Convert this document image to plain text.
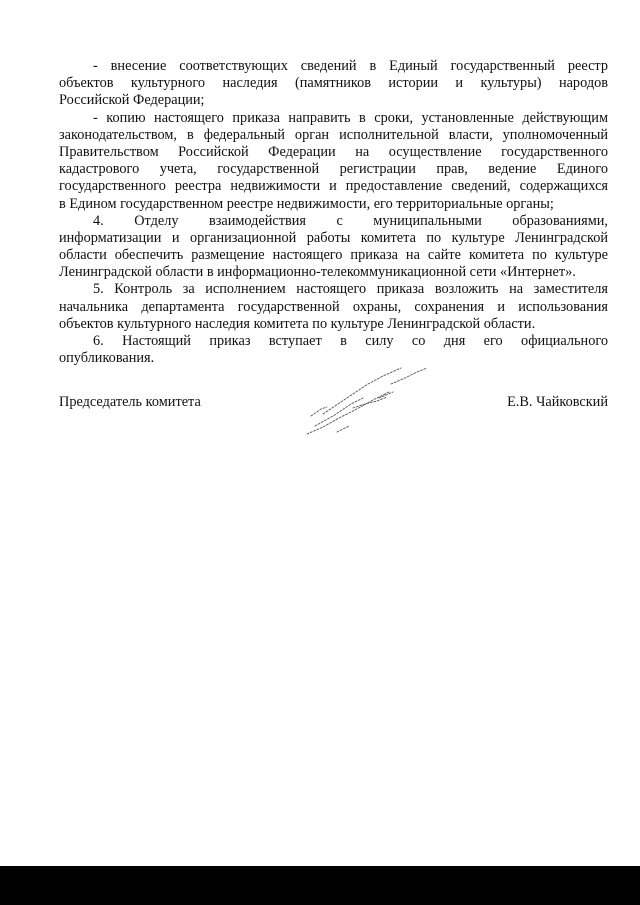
- внесение соответствующих сведений в Единый государственный реестр
объектов культурного наследия (памятников истории и культуры) народов
Российской Федерации;
- копию настоящего приказа направить в сроки, установленные действующим
законодательством, в федеральный орган исполнительной власти, уполномоченный
Правительством Российской Федерации на осуществление государственного
кадастрового учета, государственной регистрации прав, ведение Единого
государственного реестра недвижимости и предоставление сведений, содержащихся
в Едином государственном реестре недвижимости, его территориальные органы;
4. Отделу взаимодействия с муниципальными образованиями,
информатизации и организационной работы комитета по культуре Ленинградской
области обеспечить размещение настоящего приказа на сайте комитета по культуре
Ленинградской области в информационно-телекоммуникационной сети «Интернет».
5. Контроль за исполнением настоящего приказа возложить на заместителя
начальника департамента государственной охраны, сохранения и использования
объектов культурного наследия комитета по культуре Ленинградской области.
6. Настоящий приказ вступает в силу со дня его официального
опубликования.
Председатель комитета	Е.В. Чайковский
